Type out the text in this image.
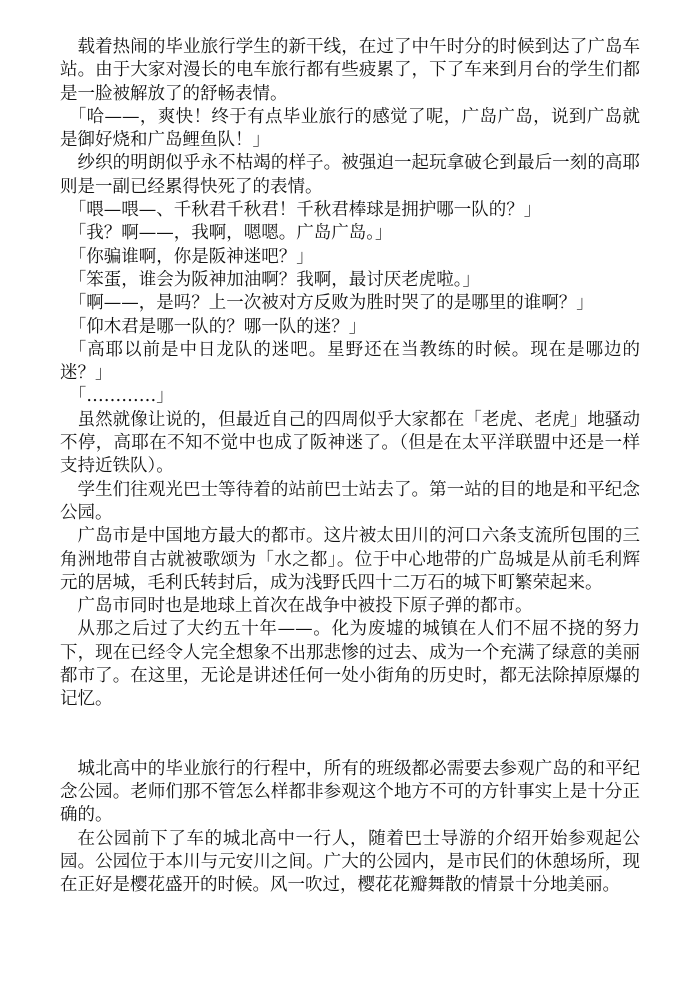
载着热闹的毕业旅行学生的新干线，在过了中午时分的时候到达了广岛车站。由于大家对漫长的电车旅行都有些疲累了，下了车来到月台的学生们都是一脸被解放了的舒畅表情。

「哈——，爽快！终于有点毕业旅行的感觉了呢，广岛广岛，说到广岛就是御好烧和广岛鲤鱼队！」

纱织的明朗似乎永不枯竭的样子。被强迫一起玩拿破仑到最后一刻的高耶则是一副已经累得快死了的表情。

「喂—喂—、千秋君千秋君！千秋君棒球是拥护哪一队的？」

「我？啊——，我啊，嗯嗯。广岛广岛。」

「你骗谁啊，你是阪神迷吧？」

「笨蛋，谁会为阪神加油啊？我啊，最讨厌老虎啦。」

「啊——，是吗？上一次被对方反败为胜时哭了的是哪里的谁啊？」

「仰木君是哪一队的？哪一队的迷？」

「高耶以前是中日龙队的迷吧。星野还在当教练的时候。现在是哪边的迷？」

「…………」

虽然就像让说的，但最近自己的四周似乎大家都在「老虎、老虎」地骚动不停，高耶在不知不觉中也成了阪神迷了。（但是在太平洋联盟中还是一样支持近铁队）。

学生们往观光巴士等待着的站前巴士站去了。第一站的目的地是和平纪念公园。

广岛市是中国地方最大的都市。这片被太田川的河口六条支流所包围的三角洲地带自古就被歌颂为「水之都」。位于中心地带的广岛城是从前毛利辉元的居城，毛利氏转封后，成为浅野氏四十二万石的城下町繁荣起来。

广岛市同时也是地球上首次在战争中被投下原子弹的都市。

从那之后过了大约五十年——。化为废墟的城镇在人们不屈不挠的努力下，现在已经令人完全想象不出那悲惨的过去、成为一个充满了绿意的美丽都市了。在这里，无论是讲述任何一处小街角的历史时，都无法除掉原爆的记忆。

城北高中的毕业旅行的行程中，所有的班级都必需要去参观广岛的和平纪念公园。老师们那不管怎么样都非参观这个地方不可的方针事实上是十分正确的。

在公园前下了车的城北高中一行人，随着巴士导游的介绍开始参观起公园。公园位于本川与元安川之间。广大的公园内，是市民们的休憩场所，现在正好是樱花盛开的时候。风一吹过，樱花花瓣舞散的情景十分地美丽。
